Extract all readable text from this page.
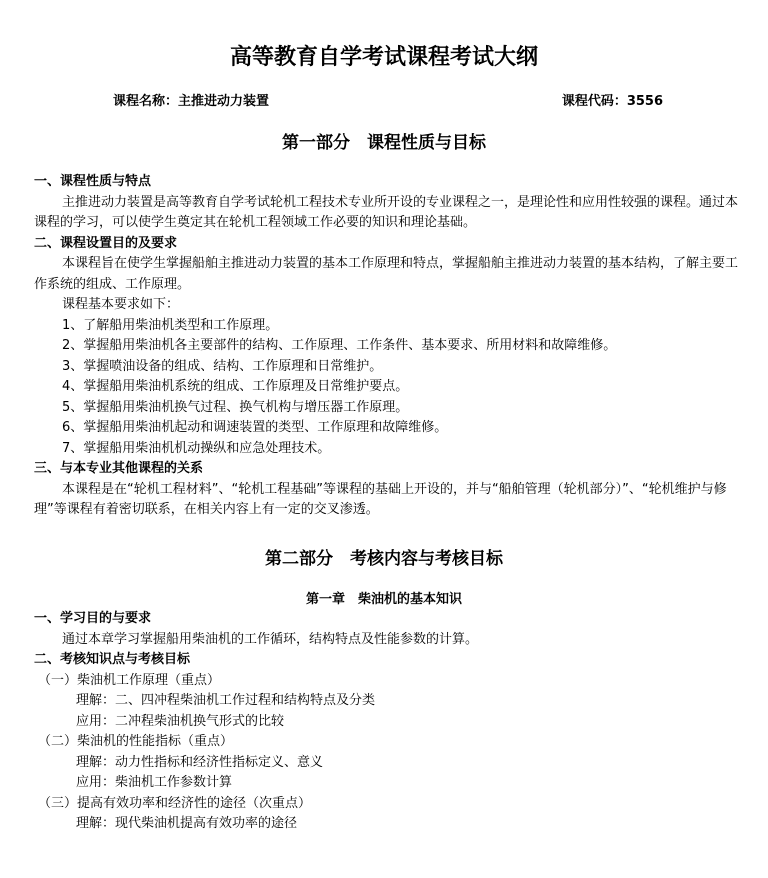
高等教育自学考试课程考试大纲
课程名称：主推进动力装置	课程代码：3556
第一部分　课程性质与目标
一、课程性质与特点

主推进动力装置是高等教育自学考试轮机工程技术专业所开设的专业课程之一，是理论性和应用性较强的课程。通过本课程的学习，可以使学生奠定其在轮机工程领域工作必要的知识和理论基础。

二、课程设置目的及要求

本课程旨在使学生掌握船舶主推进动力装置的基本工作原理和特点，掌握船舶主推进动力装置的基本结构，了解主要工作系统的组成、工作原理。

课程基本要求如下：
1、了解船用柴油机类型和工作原理。
2、掌握船用柴油机各主要部件的结构、工作原理、工作条件、基本要求、所用材料和故障维修。
3、掌握喷油设备的组成、结构、工作原理和日常维护。
4、掌握船用柴油机系统的组成、工作原理及日常维护要点。
5、掌握船用柴油机换气过程、换气机构与增压器工作原理。
6、掌握船用柴油机起动和调速装置的类型、工作原理和故障维修。
7、掌握船用柴油机机动操纵和应急处理技术。
三、与本专业其他课程的关系

本课程是在“轮机工程材料”、“轮机工程基础”等课程的基础上开设的，并与“船舶管理（轮机部分）”、“轮机维护与修理”等课程有着密切联系，在相关内容上有一定的交叉渗透。

第二部分　考核内容与考核目标
第一章　柴油机的基本知识
一、学习目的与要求

通过本章学习掌握船用柴油机的工作循环，结构特点及性能参数的计算。

二、考核知识点与考核目标
（一）柴油机工作原理（重点）
理解：二、四冲程柴油机工作过程和结构特点及分类
应用：二冲程柴油机换气形式的比较
（二）柴油机的性能指标（重点）
理解：动力性指标和经济性指标定义、意义
应用：柴油机工作参数计算
（三）提高有效功率和经济性的途径（次重点）
理解：现代柴油机提高有效功率的途径
